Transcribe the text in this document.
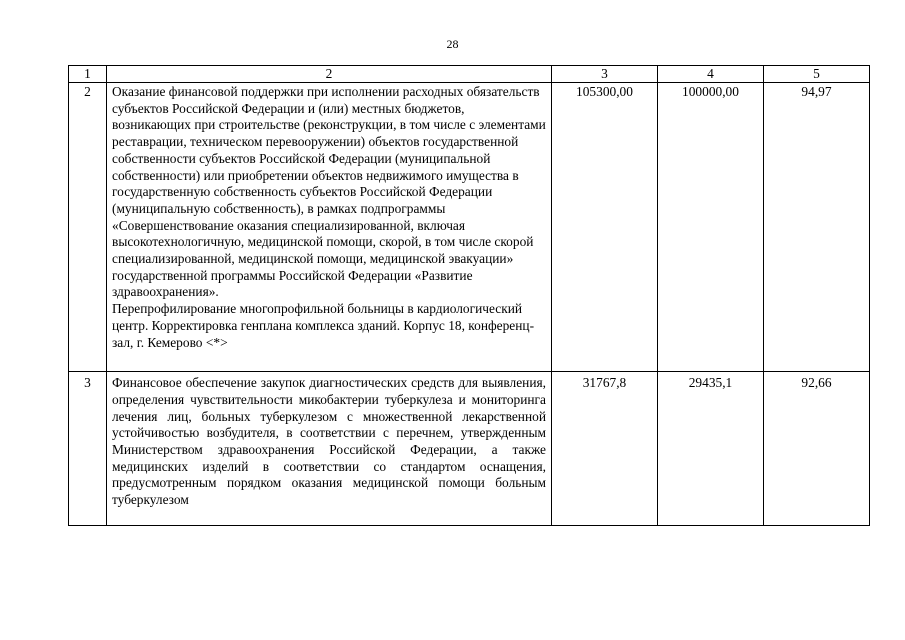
28
1	2	3	4	5
2	Оказание финансовой поддержки при исполнении расходных обязательств субъектов Российской Федерации и (или) местных бюджетов, возникающих при строительстве (реконструкции, в том числе с элементами реставрации, техническом перевооружении) объектов государственной собственности субъектов Российской Федерации (муниципальной собственности) или приобретении объектов недвижимого имущества в государственную собственность субъектов Российской Федерации (муниципальную собственность), в рамках подпрограммы «Совершенствование оказания специализированной, включая высокотехнологичную, медицинской помощи, скорой, в том числе скорой специализированной, медицинской помощи, медицинской эвакуации» государственной программы Российской Федерации «Развитие здравоохранения».
Перепрофилирование многопрофильной больницы в кардиологический центр. Корректировка генплана комплекса зданий. Корпус 18, конференц-зал, г. Кемерово <*>	105300,00	100000,00	94,97
3	Финансовое обеспечение закупок диагностических средств для выявления, определения чувствительности микобактерии туберкулеза и мониторинга лечения лиц, больных туберкулезом с множественной лекарственной устойчивостью возбудителя, в соответствии с перечнем, утвержденным Министерством здравоохранения Российской Федерации, а также медицинских изделий в соответствии со стандартом оснащения, предусмотренным порядком оказания медицинской помощи больным туберкулезом	31767,8	29435,1	92,66
